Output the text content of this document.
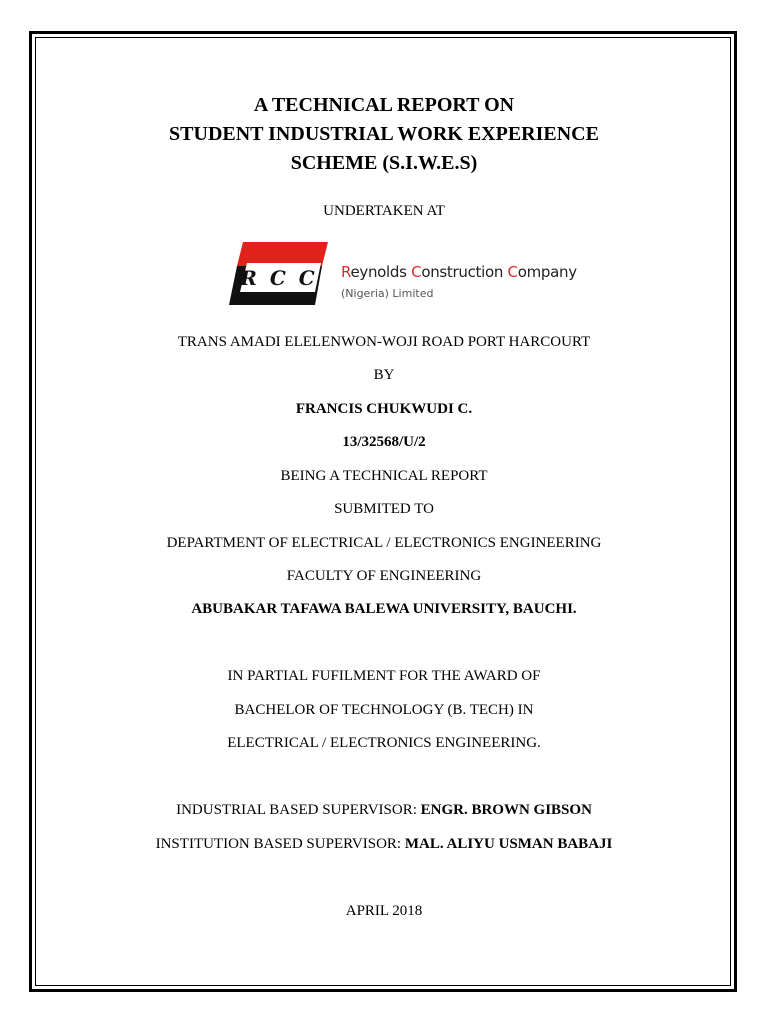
A TECHNICAL REPORT ON
STUDENT INDUSTRIAL WORK EXPERIENCE
SCHEME (S.I.W.E.S)
UNDERTAKEN AT
R C C Reynolds Construction Company
(Nigeria) Limited
TRANS AMADI ELELENWON-WOJI ROAD PORT HARCOURT
BY
FRANCIS CHUKWUDI C.
13/32568/U/2
BEING A TECHNICAL REPORT
SUBMITED TO
DEPARTMENT OF ELECTRICAL / ELECTRONICS ENGINEERING
FACULTY OF ENGINEERING
ABUBAKAR TAFAWA BALEWA UNIVERSITY, BAUCHI.
IN PARTIAL FUFILMENT FOR THE AWARD OF
BACHELOR OF TECHNOLOGY (B. TECH) IN
ELECTRICAL / ELECTRONICS ENGINEERING.
INDUSTRIAL BASED SUPERVISOR: ENGR. BROWN GIBSON
INSTITUTION BASED SUPERVISOR: MAL. ALIYU USMAN BABAJI
APRIL 2018
